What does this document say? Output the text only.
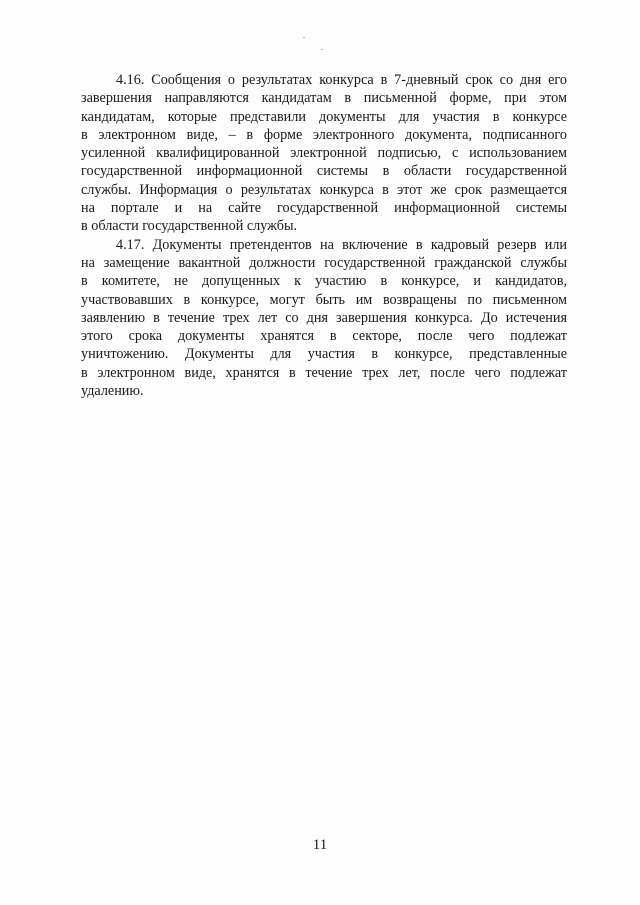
4.16. Сообщения о результатах конкурса в 7-дневный срок со дня его
завершения направляются кандидатам в письменной форме, при этом
кандидатам, которые представили документы для участия в конкурсе
в электронном виде, – в форме электронного документа, подписанного
усиленной квалифицированной электронной подписью, с использованием
государственной информационной системы в области государственной
службы. Информация о результатах конкурса в этот же срок размещается
на портале и на сайте государственной информационной системы
в области государственной службы.
4.17. Документы претендентов на включение в кадровый резерв или
на замещение вакантной должности государственной гражданской службы
в комитете, не допущенных к участию в конкурсе, и кандидатов,
участвовавших в конкурсе, могут быть им возвращены по письменном
заявлению в течение трех лет со дня завершения конкурса. До истечения
этого срока документы хранятся в секторе, после чего подлежат
уничтожению. Документы для участия в конкурсе, представленные
в электронном виде, хранятся в течение трех лет, после чего подлежат
удалению.
11
